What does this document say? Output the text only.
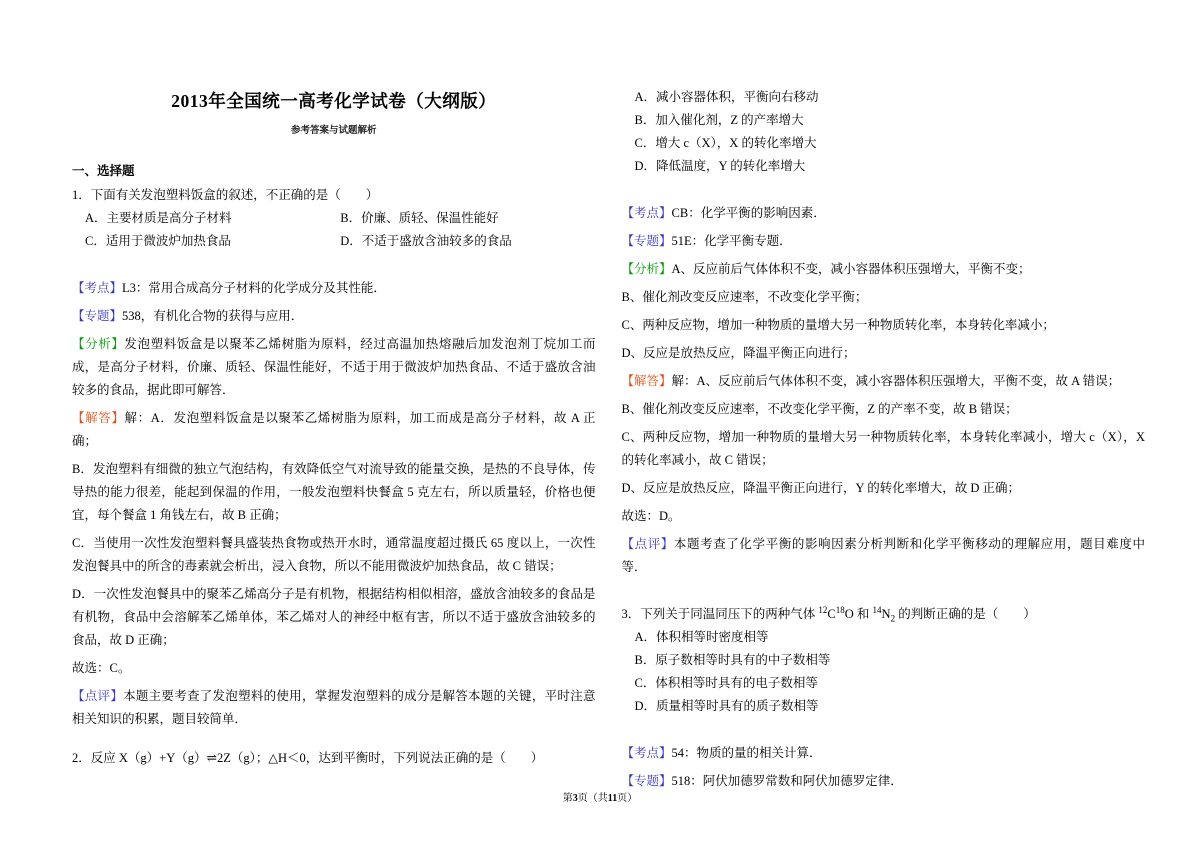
2013年全国统一高考化学试卷（大纲版）
参考答案与试题解析
一、选择题

1．下面有关发泡塑料饭盒的叙述，不正确的是（　　）

A．主要材质是高分子材料	B．价廉、质轻、保温性能好
C．适用于微波炉加热食品	D．不适于盛放含油较多的食品

【考点】L3：常用合成高分子材料的化学成分及其性能．

【专题】538，有机化合物的获得与应用．

【分析】发泡塑料饭盒是以聚苯乙烯树脂为原料，经过高温加热熔融后加发泡剂丁烷加工而成，是高分子材料，价廉、质轻、保温性能好，不适于用于微波炉加热食品、不适于盛放含油较多的食品，据此即可解答．

【解答】解：A．发泡塑料饭盒是以聚苯乙烯树脂为原料，加工而成是高分子材料，故 A 正确；

B．发泡塑料有细微的独立气泡结构，有效降低空气对流导致的能量交换，是热的不良导体，传导热的能力很差，能起到保温的作用，一般发泡塑料快餐盒 5 克左右，所以质量轻，价格也便宜，每个餐盒 1 角钱左右，故 B 正确；

C．当使用一次性发泡塑料餐具盛装热食物或热开水时，通常温度超过摄氏 65 度以上，一次性发泡餐具中的所含的毒素就会析出，浸入食物，所以不能用微波炉加热食品，故 C 错误；

D．一次性发泡餐具中的聚苯乙烯高分子是有机物，根据结构相似相溶，盛放含油较多的食品是有机物，食品中会溶解苯乙烯单体，苯乙烯对人的神经中枢有害，所以不适于盛放含油较多的食品，故 D 正确；

故选：C。

【点评】本题主要考查了发泡塑料的使用，掌握发泡塑料的成分是解答本题的关键，平时注意相关知识的积累，题目较简单．

2．反应 X（g）+Y（g）⇌2Z（g）；△H＜0，达到平衡时，下列说法正确的是（　　）

A．减小容器体积，平衡向右移动
B．加入催化剂，Z 的产率增大
C．增大 c（X），X 的转化率增大
D．降低温度，Y 的转化率增大

【考点】CB：化学平衡的影响因素．

【专题】51E：化学平衡专题．

【分析】A、反应前后气体体积不变，减小容器体积压强增大，平衡不变；

B、催化剂改变反应速率，不改变化学平衡；

C、两种反应物，增加一种物质的量增大另一种物质转化率，本身转化率减小；

D、反应是放热反应，降温平衡正向进行；

【解答】解：A、反应前后气体体积不变，减小容器体积压强增大，平衡不变，故 A 错误；

B、催化剂改变反应速率，不改变化学平衡，Z 的产率不变，故 B 错误；

C、两种反应物，增加一种物质的量增大另一种物质转化率，本身转化率减小，增大 c（X），X 的转化率减小，故 C 错误；

D、反应是放热反应，降温平衡正向进行，Y 的转化率增大，故 D 正确；

故选：D。

【点评】本题考查了化学平衡的影响因素分析判断和化学平衡移动的理解应用，题目难度中等．

3．下列关于同温同压下的两种气体 $^{12}C^{18}O$ 和 $^{14}N_2$ 的判断正确的是（　　）

A．体积相等时密度相等
B．原子数相等时具有的中子数相等
C．体积相等时具有的电子数相等
D．质量相等时具有的质子数相等

【考点】54：物质的量的相关计算．

【专题】518：阿伏加德罗常数和阿伏加德罗定律．

第3页（共11页）
